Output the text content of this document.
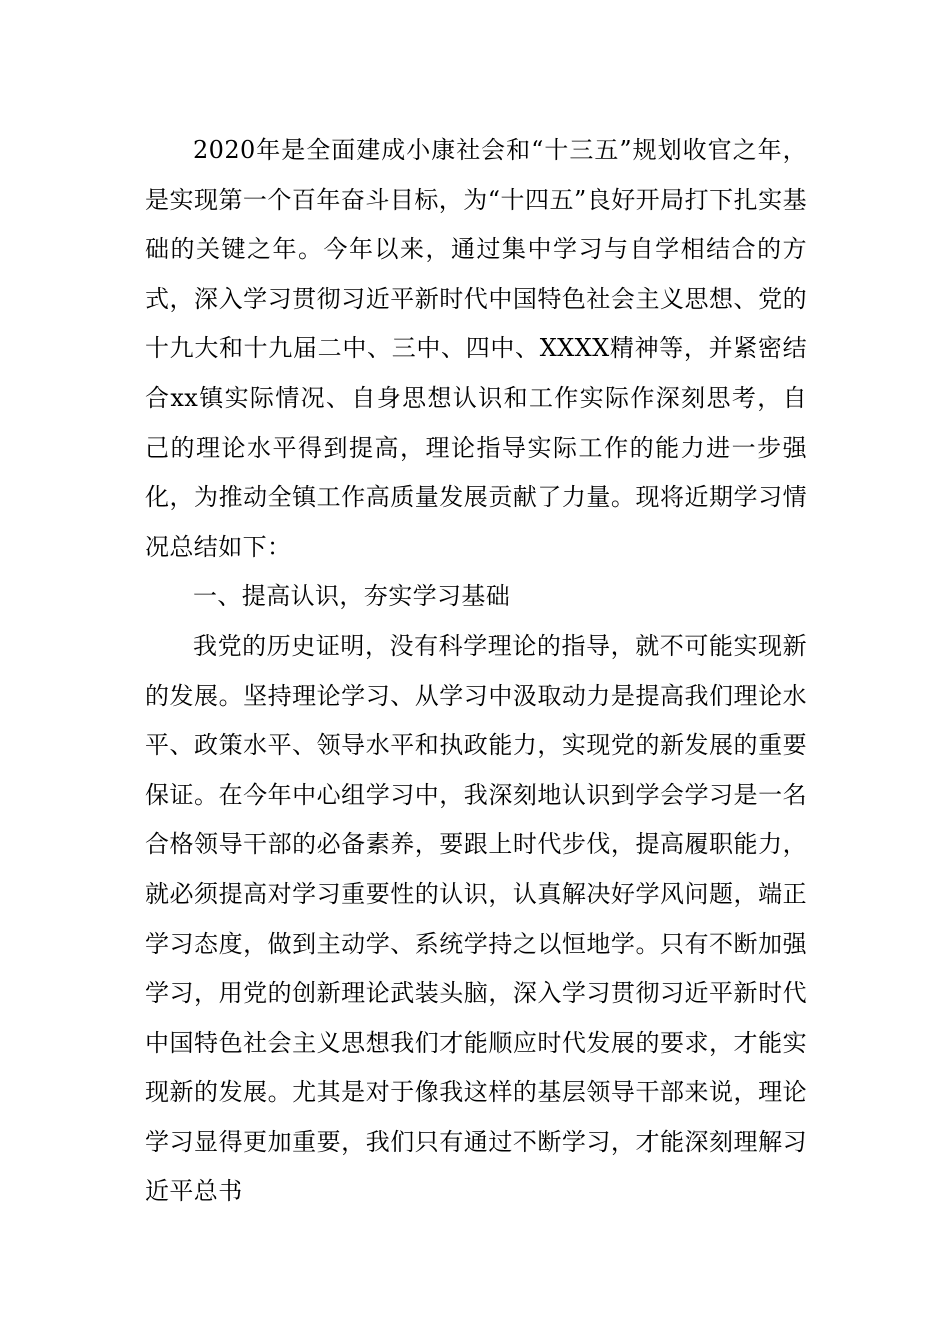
2020年是全面建成小康社会和“十三五”规划收官之年，是实现第一个百年奋斗目标，为“十四五”良好开局打下扎实基础的关键之年。今年以来，通过集中学习与自学相结合的方式，深入学习贯彻习近平新时代中国特色社会主义思想、党的十九大和十九届二中、三中、四中、XXXX精神等，并紧密结合xx镇实际情况、自身思想认识和工作实际作深刻思考，自己的理论水平得到提高，理论指导实际工作的能力进一步强化，为推动全镇工作高质量发展贡献了力量。现将近期学习情况总结如下：

一、提高认识，夯实学习基础

我党的历史证明，没有科学理论的指导，就不可能实现新的发展。坚持理论学习、从学习中汲取动力是提高我们理论水平、政策水平、领导水平和执政能力，实现党的新发展的重要保证。在今年中心组学习中，我深刻地认识到学会学习是一名合格领导干部的必备素养，要跟上时代步伐，提高履职能力，就必须提高对学习重要性的认识，认真解决好学风问题，端正学习态度，做到主动学、系统学持之以恒地学。只有不断加强学习，用党的创新理论武装头脑，深入学习贯彻习近平新时代中国特色社会主义思想我们才能顺应时代发展的要求，才能实现新的发展。尤其是对于像我这样的基层领导干部来说，理论学习显得更加重要，我们只有通过不断学习，才能深刻理解习近平总书
